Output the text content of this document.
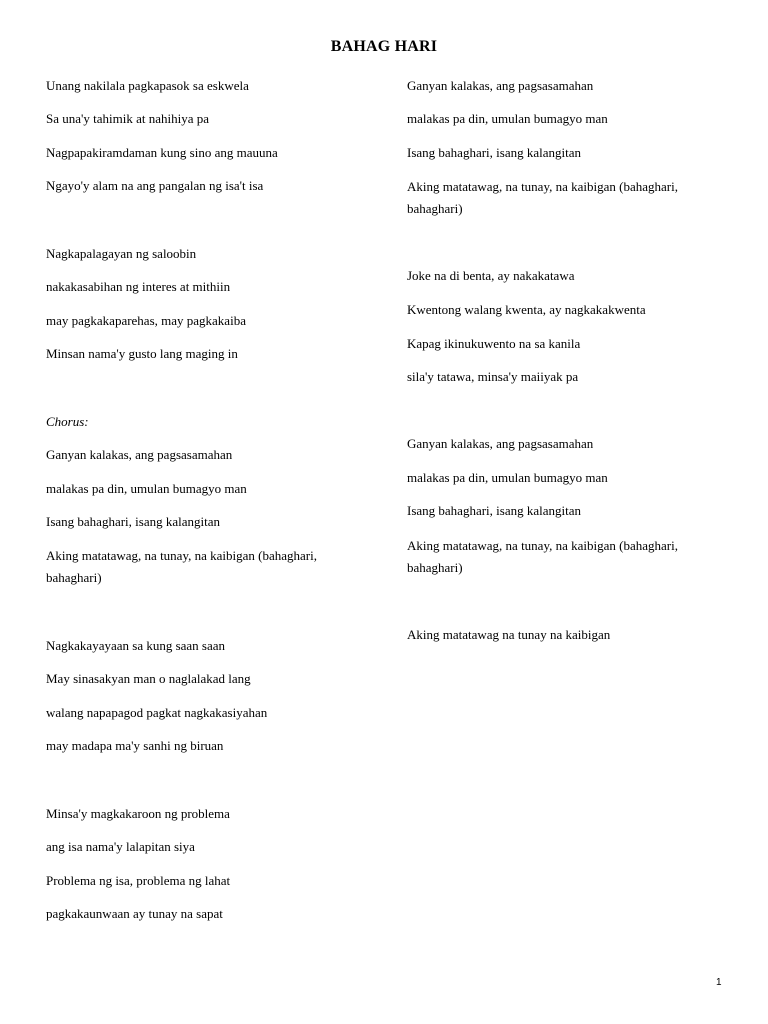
BAHAG HARI
Unang nakilala pagkapasok sa eskwela
Sa una'y tahimik at nahihiya pa
Nagpapakiramdaman kung sino ang mauuna
Ngayo'y alam na ang pangalan ng isa't isa
Nagkapalagayan ng saloobin
nakakasabihan ng interes at mithiin
may pagkakaparehas, may pagkakaiba
Minsan nama'y gusto lang maging in
Chorus:
Ganyan kalakas, ang pagsasamahan
malakas pa din, umulan bumagyo man
Isang bahaghari, isang kalangitan
Aking matatawag, na tunay, na kaibigan (bahaghari,
bahaghari)
Nagkakayayaan sa kung saan saan
May sinasakyan man o naglalakad lang
walang napapagod pagkat nagkakasiyahan
may madapa ma'y sanhi ng biruan
Minsa'y magkakaroon ng problema
ang isa nama'y lalapitan siya
Problema ng isa, problema ng lahat
pagkakaunwaan ay tunay na sapat
Ganyan kalakas, ang pagsasamahan
malakas pa din, umulan bumagyo man
Isang bahaghari, isang kalangitan
Aking matatawag, na tunay, na kaibigan (bahaghari,
bahaghari)
Joke na di benta, ay nakakatawa
Kwentong walang kwenta, ay nagkakakwenta
Kapag ikinukuwento na sa kanila
sila'y tatawa, minsa'y maiiyak pa
Ganyan kalakas, ang pagsasamahan
malakas pa din, umulan bumagyo man
Isang bahaghari, isang kalangitan
Aking matatawag, na tunay, na kaibigan (bahaghari,
bahaghari)
Aking matatawag na tunay na kaibigan
1
